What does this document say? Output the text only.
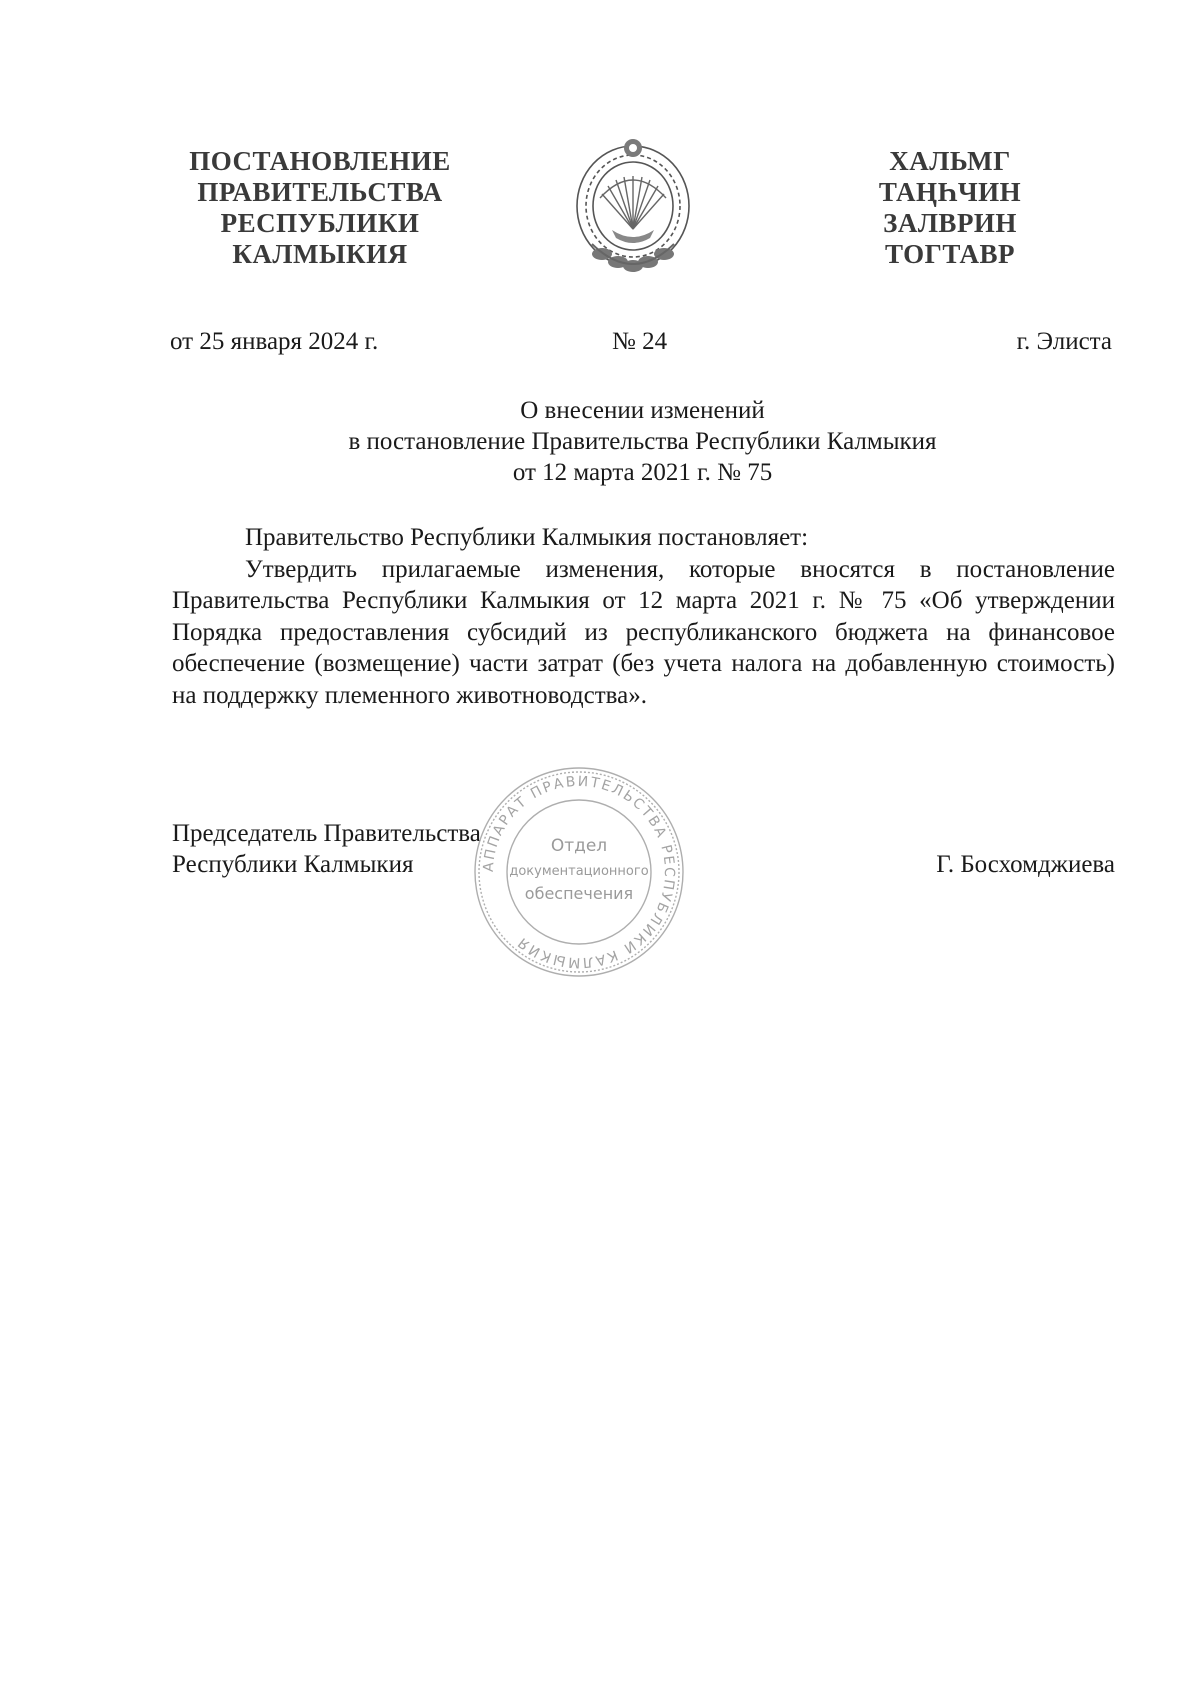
ПОСТАНОВЛЕНИЕ
ПРАВИТЕЛЬСТВА
РЕСПУБЛИКИ
КАЛМЫКИЯ
ХАЛЬМГ
ТАҢҺЧИН
ЗАЛВРИН
ТОГТАВР
от 25 января 2024 г.	№ 24	г. Элиста
О внесении изменений
в постановление Правительства Республики Калмыкия
от 12 марта 2021 г. № 75

Правительство Республики Калмыкия постановляет:

Утвердить прилагаемые изменения, которые вносятся в постановление Правительства Республики Калмыкия от 12 марта 2021 г. № 75 «Об утверждении Порядка предоставления субсидий из республиканского бюджета на финансовое обеспечение (возмещение) части затрат (без учета налога на добавленную стоимость) на поддержку племенного животноводства».

Председатель Правительства
Республики Калмыкия	Г. Босхомджиева
АППАРАТ ПРАВИТЕЛЬСТВА РЕСПУБЛИКИ КАЛМЫКИЯ
Отдел
документационного
обеспечения
